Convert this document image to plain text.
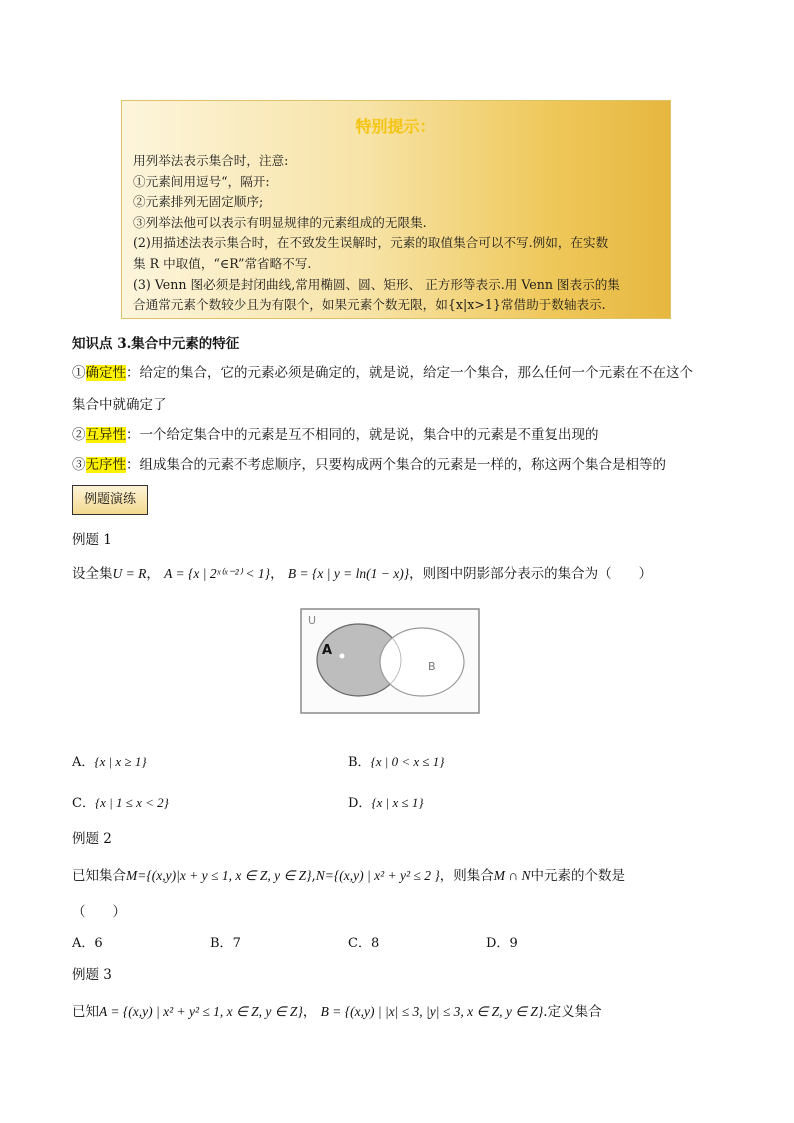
特别提示：
用列举法表示集合时，注意:
①元素间用逗号“，隔开:
②元素排列无固定顺序;
③列举法他可以表示有明显规律的元素组成的无限集.
(2)用描述法表示集合时，在不致发生误解时，元素的取值集合可以不写.例如，在实数
集 R 中取值，“∈R”常省略不写.
(3) Venn 图必须是封闭曲线,常用椭圆、圆、矩形、 正方形等表示.用 Venn 图表示的集
合通常元素个数较少且为有限个，如果元素个数无限，如{x|x>1}常借助于数轴表示.
知识点 3.集合中元素的特征
①确定性：给定的集合，它的元素必须是确定的，就是说，给定一个集合，那么任何一个元素在不在这个
集合中就确定了
②互异性：一个给定集合中的元素是互不相同的，就是说，集合中的元素是不重复出现的
③无序性：组成集合的元素不考虑顺序，只要构成两个集合的元素是一样的，称这两个集合是相等的
例题演练
例题 1
设全集U = R， A = {x | 2ˣ⁽ˣ⁻²⁾ < 1}， B = {x | y = ln(1 − x)}，则图中阴影部分表示的集合为（　　）
U
A
B
A．{x | x ≥ 1}	B．{x | 0 < x ≤ 1}
C．{x | 1 ≤ x < 2}	D．{x | x ≤ 1}
例题 2
已知集合M={(x,y)|x + y ≤ 1, x ∈ Z, y ∈ Z},N={(x,y) | x² + y² ≤ 2 }，则集合M ∩ N中元素的个数是
（　　）
A．6	B．7	C．8	D．9
例题 3
已知A = {(x,y) | x² + y² ≤ 1, x ∈ Z, y ∈ Z}， B = {(x,y) | |x| ≤ 3, |y| ≤ 3, x ∈ Z, y ∈ Z}.定义集合
